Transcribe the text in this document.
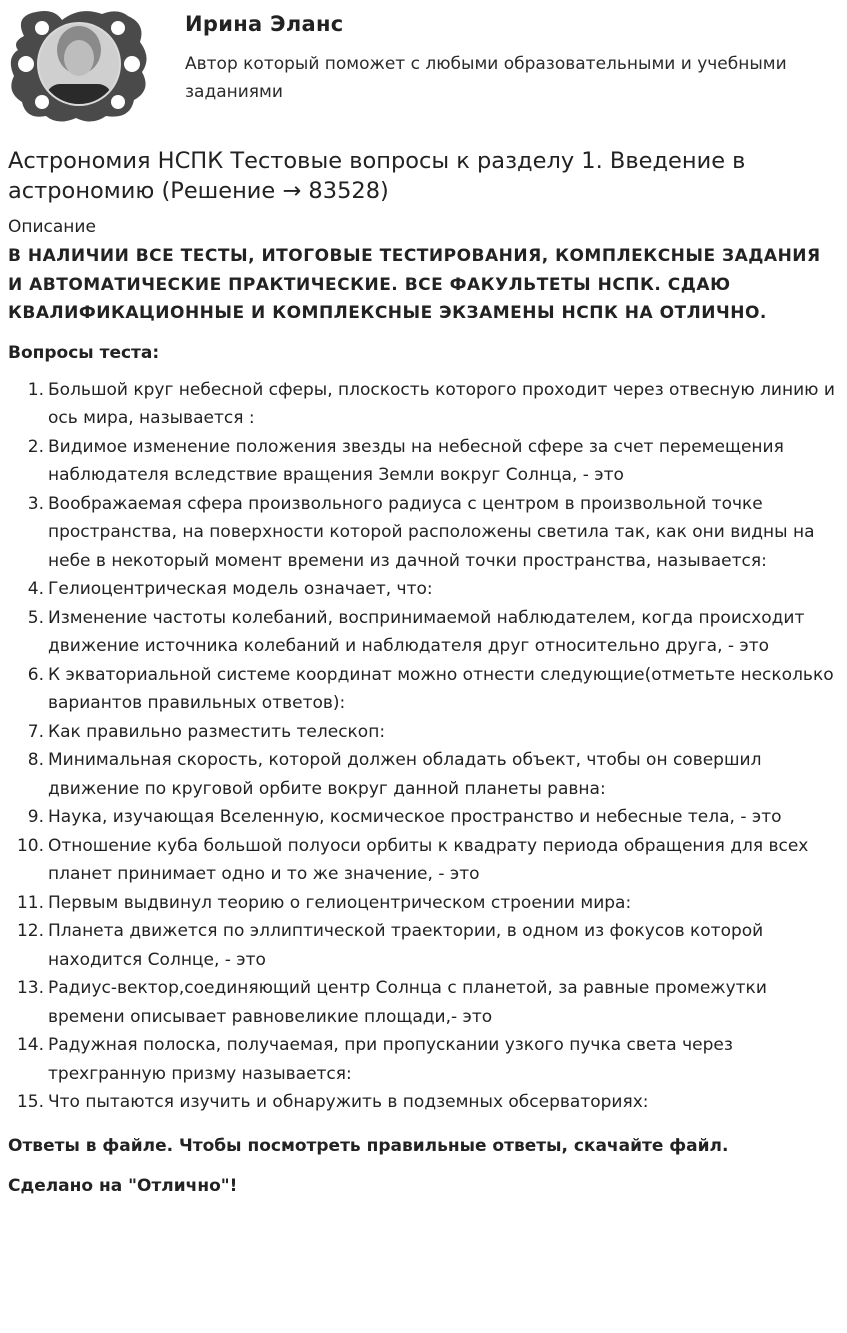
Ирина Эланс
Автор который поможет с любыми образовательными и учебными заданиями
Астрономия НСПК Тестовые вопросы к разделу 1. Введение в астрономию (Решение → 83528)
Описание
В НАЛИЧИИ ВСЕ ТЕСТЫ, ИТОГОВЫЕ ТЕСТИРОВАНИЯ, КОМПЛЕКСНЫЕ ЗАДАНИЯ И АВТОМАТИЧЕСКИЕ ПРАКТИЧЕСКИЕ. ВСЕ ФАКУЛЬТЕТЫ НСПК. СДАЮ КВАЛИФИКАЦИОННЫЕ И КОМПЛЕКСНЫЕ ЭКЗАМЕНЫ НСПК НА ОТЛИЧНО.
Вопросы теста:
1. Большой круг небесной сферы, плоскость которого проходит через отвесную линию и ось мира, называется :
2. Видимое изменение положения звезды на небесной сфере за счет перемещения наблюдателя вследствие вращения Земли вокруг Солнца, - это
3. Воображаемая сфера произвольного радиуса с центром в произвольной точке пространства, на поверхности которой расположены светила так, как они видны на небе в некоторый момент времени из дачной точки пространства, называется:
4. Гелиоцентрическая модель означает, что:
5. Изменение частоты колебаний, воспринимаемой наблюдателем, когда происходит движение источника колебаний и наблюдателя друг относительно друга, - это
6. К экваториальной системе координат можно отнести следующие(отметьте несколько вариантов правильных ответов):
7. Как правильно разместить телескоп:
8. Минимальная скорость, которой должен обладать объект, чтобы он совершил движение по круговой орбите вокруг данной планеты равна:
9. Наука, изучающая Вселенную, космическое пространство и небесные тела, - это
10. Отношение куба большой полуоси орбиты к квадрату периода обращения для всех планет принимает одно и то же значение, - это
11. Первым выдвинул теорию о гелиоцентрическом строении мира:
12. Планета движется по эллиптической траектории, в одном из фокусов которой находится Солнце, - это
13. Радиус-вектор,соединяющий центр Солнца с планетой, за равные промежутки времени описывает равновеликие площади,- это
14. Радужная полоска, получаемая, при пропускании узкого пучка света через трехгранную призму называется:
15. Что пытаются изучить и обнаружить в подземных обсерваториях:
Ответы в файле. Чтобы посмотреть правильные ответы, скачайте файл.
Сделано на "Отлично"!
